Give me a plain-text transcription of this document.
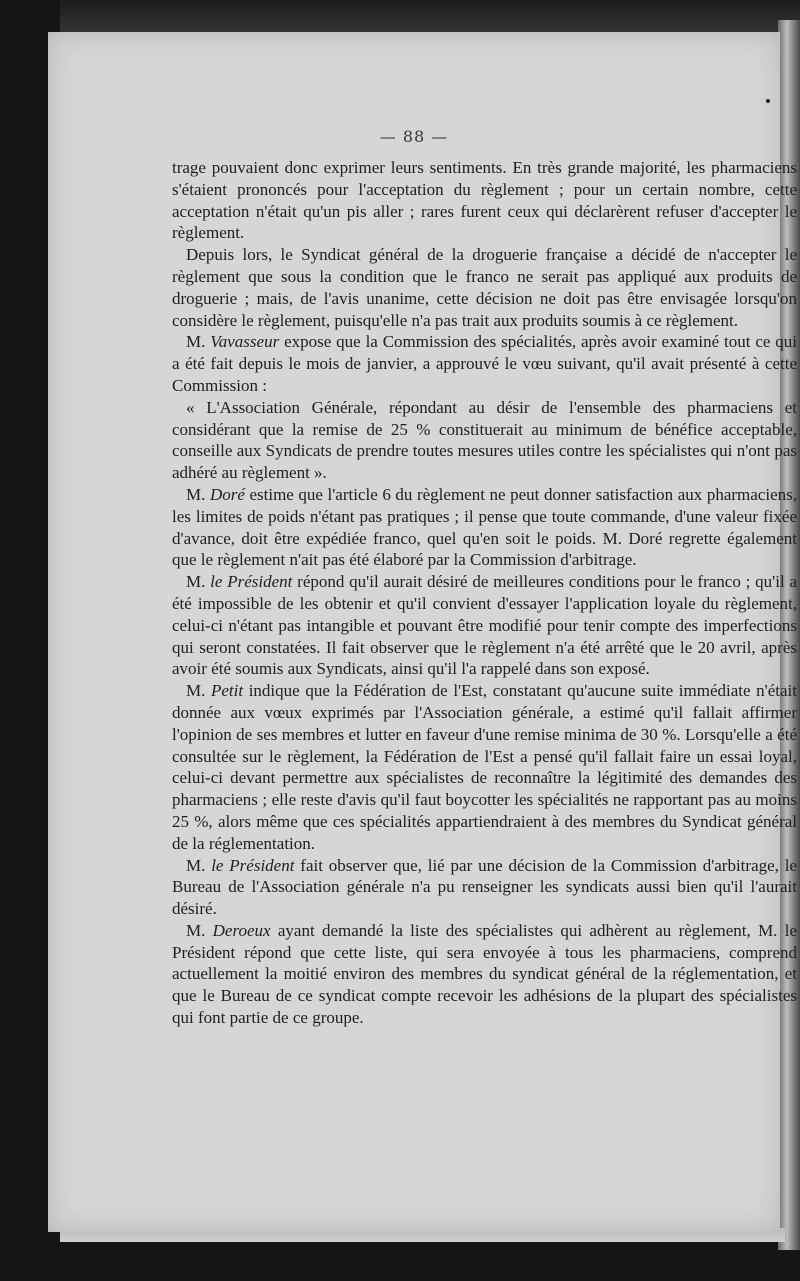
— 88 —

trage pouvaient donc exprimer leurs sentiments. En très grande majorité, les pharmaciens s'étaient prononcés pour l'acceptation du règlement ; pour un certain nombre, cette acceptation n'était qu'un pis aller ; rares furent ceux qui déclarèrent refuser d'accepter le règlement.

Depuis lors, le Syndicat général de la droguerie française a décidé de n'accepter le règlement que sous la condition que le franco ne serait pas appliqué aux produits de droguerie ; mais, de l'avis unanime, cette décision ne doit pas être envisagée lorsqu'on considère le règlement, puisqu'elle n'a pas trait aux produits soumis à ce règlement.

M. Vavasseur expose que la Commission des spécialités, après avoir examiné tout ce qui a été fait depuis le mois de janvier, a approuvé le vœu suivant, qu'il avait présenté à cette Commission :

« L'Association Générale, répondant au désir de l'ensemble des pharmaciens et considérant que la remise de 25 % constituerait au minimum de bénéfice acceptable, conseille aux Syndicats de prendre toutes mesures utiles contre les spécialistes qui n'ont pas adhéré au règlement ».

M. Doré estime que l'article 6 du règlement ne peut donner satisfaction aux pharmaciens, les limites de poids n'étant pas pratiques ; il pense que toute commande, d'une valeur fixée d'avance, doit être expédiée franco, quel qu'en soit le poids. M. Doré regrette également que le règlement n'ait pas été élaboré par la Commission d'arbitrage.

M. le Président répond qu'il aurait désiré de meilleures conditions pour le franco ; qu'il a été impossible de les obtenir et qu'il convient d'essayer l'application loyale du règlement, celui-ci n'étant pas intangible et pouvant être modifié pour tenir compte des imperfections qui seront constatées. Il fait observer que le règlement n'a été arrêté que le 20 avril, après avoir été soumis aux Syndicats, ainsi qu'il l'a rappelé dans son exposé.

M. Petit indique que la Fédération de l'Est, constatant qu'aucune suite immédiate n'était donnée aux vœux exprimés par l'Association générale, a estimé qu'il fallait affirmer l'opinion de ses membres et lutter en faveur d'une remise minima de 30 %. Lorsqu'elle a été consultée sur le règlement, la Fédération de l'Est a pensé qu'il fallait faire un essai loyal, celui-ci devant permettre aux spécialistes de reconnaître la légitimité des demandes des pharmaciens ; elle reste d'avis qu'il faut boycotter les spécialités ne rapportant pas au moins 25 %, alors même que ces spécialités appartiendraient à des membres du Syndicat général de la réglementation.

M. le Président fait observer que, lié par une décision de la Commission d'arbitrage, le Bureau de l'Association générale n'a pu renseigner les syndicats aussi bien qu'il l'aurait désiré.

M. Deroeux ayant demandé la liste des spécialistes qui adhèrent au règlement, M. le Président répond que cette liste, qui sera envoyée à tous les pharmaciens, comprend actuellement la moitié environ des membres du syndicat général de la réglementation, et que le Bureau de ce syndicat compte recevoir les adhésions de la plupart des spécialistes qui font partie de ce groupe.
